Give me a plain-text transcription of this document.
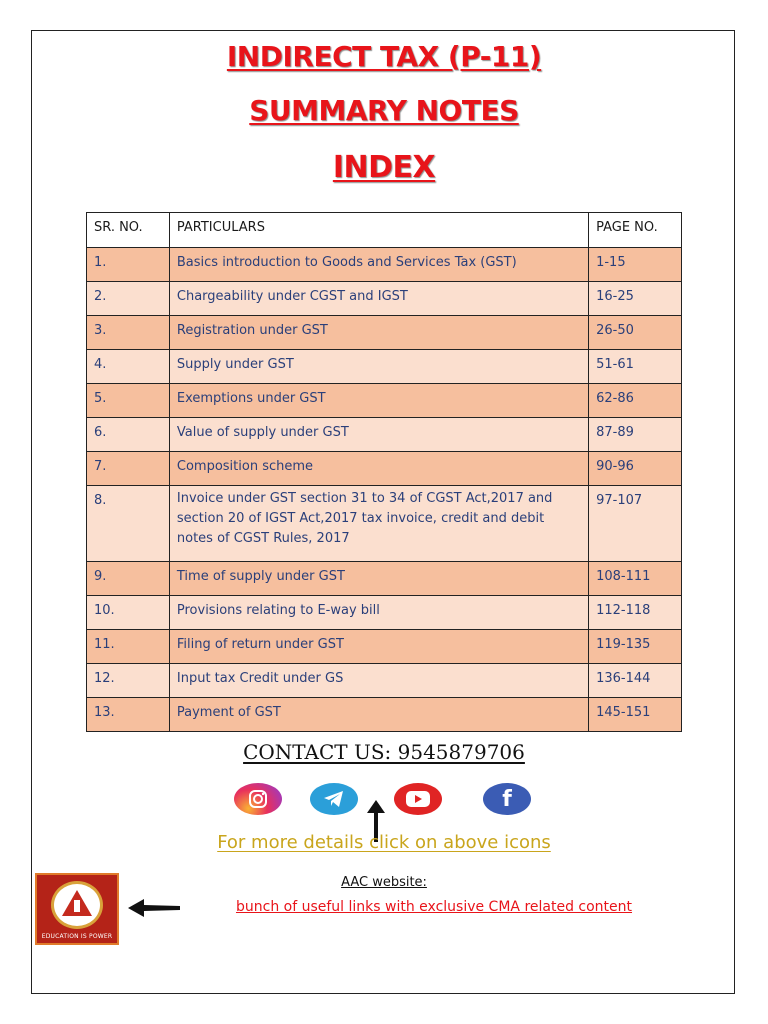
INDIRECT TAX (P-11)
SUMMARY NOTES
INDEX
SR. NO.	PARTICULARS	PAGE NO.
1.	Basics introduction to Goods and Services Tax (GST)	1-15
2.	Chargeability under CGST and IGST	16-25
3.	Registration under GST	26-50
4.	Supply under GST	51-61
5.	Exemptions under GST	62-86
6.	Value of supply under GST	87-89
7.	Composition scheme	90-96
8.	Invoice under GST section 31 to 34 of CGST Act,2017 and section 20 of IGST Act,2017 tax invoice, credit and debit notes of CGST Rules, 2017	97-107
9.	Time of supply under GST	108-111
10.	Provisions relating to E-way bill	112-118
11.	Filing of return under GST	119-135
12.	Input tax Credit under GS	136-144
13.	Payment of GST	145-151
CONTACT US: 9545879706
f
For more details click on above icons
EDUCATION IS POWER
AAC website:
bunch of useful links with exclusive CMA related content
